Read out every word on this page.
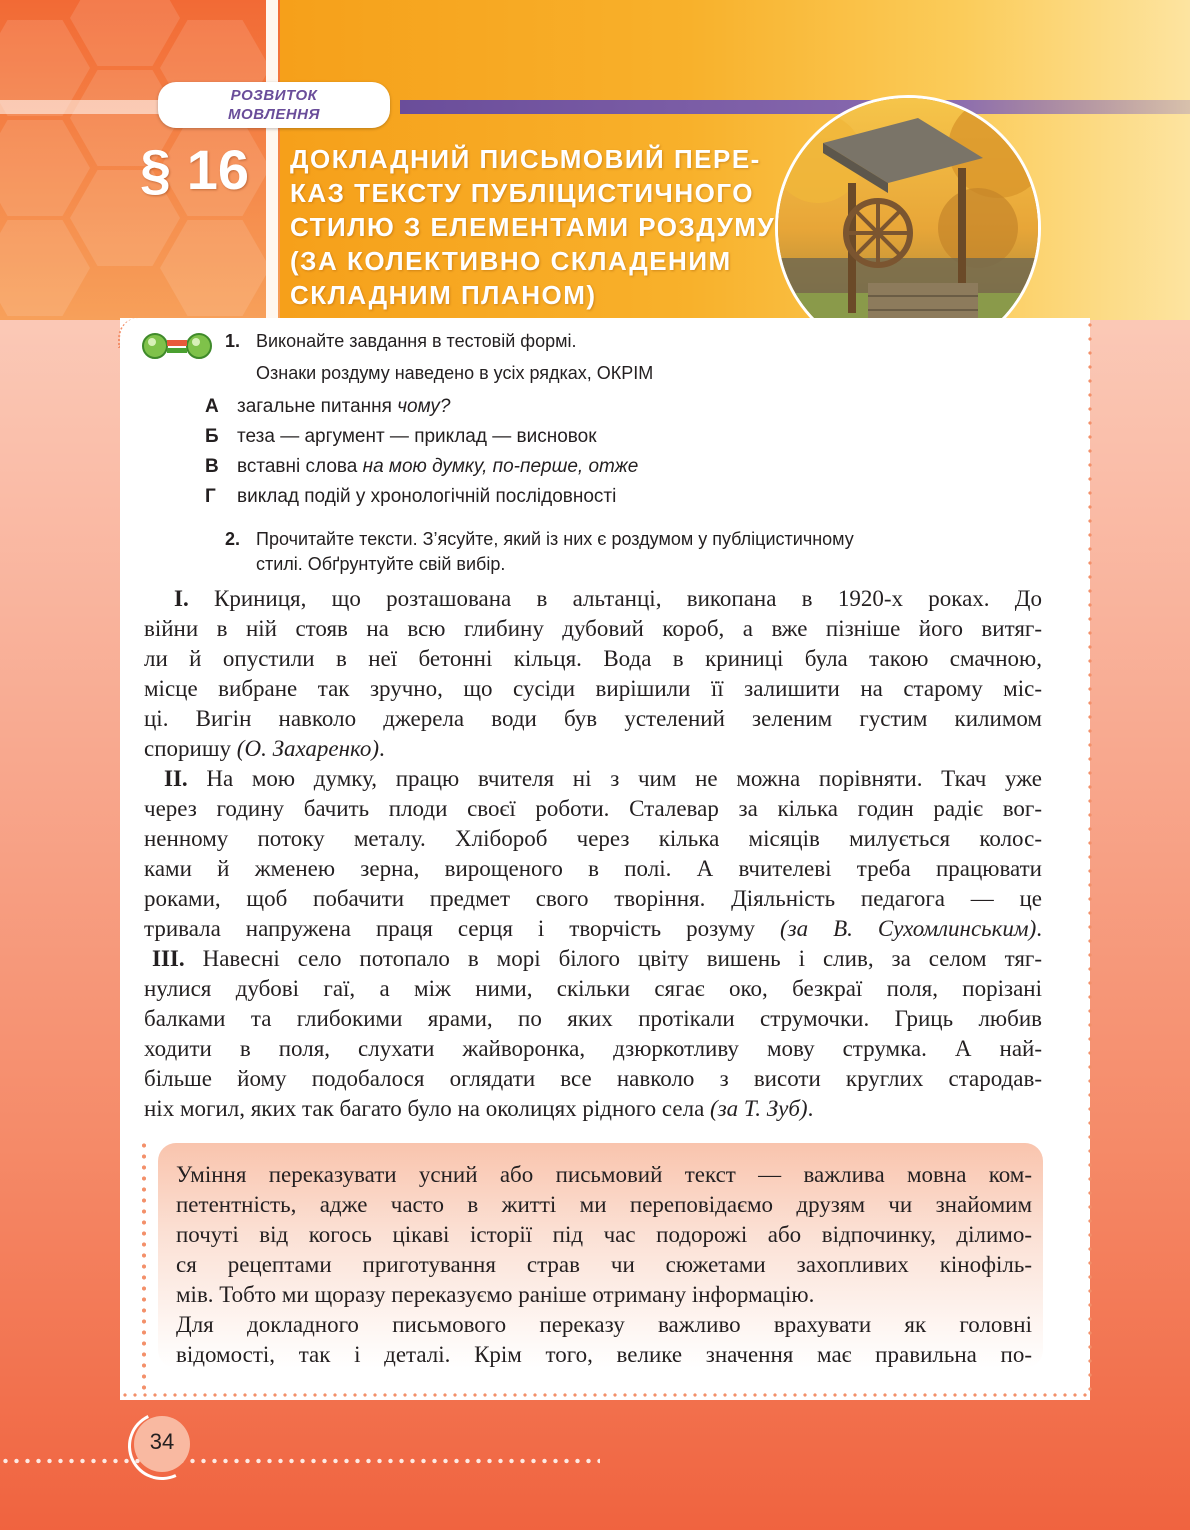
РОЗВИТОК
МОВЛЕННЯ
§ 16	ДОКЛАДНИЙ ПИСЬМОВИЙ ПЕРЕ-
КАЗ ТЕКСТУ ПУБЛІЦИСТИЧНОГО
СТИЛЮ З ЕЛЕМЕНТАМИ РОЗДУМУ
(ЗА КОЛЕКТИВНО СКЛАДЕНИМ
СКЛАДНИМ ПЛАНОМ)
1. Виконайте завдання в тестовій формі.
Ознаки роздуму наведено в усіх рядках, ОКРІМ
А загальне питання чому?
Б теза — аргумент — приклад — висновок
В вставні слова на мою думку, по-перше, отже
Г виклад подій у хронологічній послідовності
2. Прочитайте тексти. З’ясуйте, який із них є роздумом у публіцистичному
стилі. Обґрунтуйте свій вибір.
I. Криниця, що розташована в альтанці, викопана в 1920-х роках. До
війни в ній стояв на всю глибину дубовий короб, а вже пізніше його витяг-
ли й опустили в неї бетонні кільця. Вода в криниці була такою смачною,
місце вибране так зручно, що сусіди вирішили її залишити на старому міс-
ці. Вигін навколо джерела води був устелений зеленим густим килимом
споришу (О. Захаренко).
II. На мою думку, працю вчителя ні з чим не можна порівняти. Ткач уже
через годину бачить плоди своєї роботи. Сталевар за кілька годин радіє вог-
ненному потоку металу. Хлібороб через кілька місяців милується колос-
ками й жменею зерна, вирощеного в полі. А вчителеві треба працювати
роками, щоб побачити предмет свого творіння. Діяльність педагога — це
тривала напружена праця серця і творчість розуму (за В. Сухомлинським).
III. Навесні село потопало в морі білого цвіту вишень і слив, за селом тяг-
нулися дубові гаї, а між ними, скільки сягає око, безкраї поля, порізані
балками та глибокими ярами, по яких протікали струмочки. Гриць любив
ходити в поля, слухати жайворонка, дзюркотливу мову струмка. А най-
більше йому подобалося оглядати все навколо з висоти круглих стародав-
ніх могил, яких так багато було на околицях рідного села (за Т. Зуб).
Уміння переказувати усний або письмовий текст — важлива мовна ком-
петентність, адже часто в житті ми переповідаємо друзям чи знайомим
почуті від когось цікаві історії під час подорожі або відпочинку, ділимо-
ся рецептами приготування страв чи сюжетами захопливих кінофіль-
мів. Тобто ми щоразу переказуємо раніше отриману інформацію.
Для докладного письмового переказу важливо врахувати як головні
відомості, так і деталі. Крім того, велике значення має правильна по-
34
